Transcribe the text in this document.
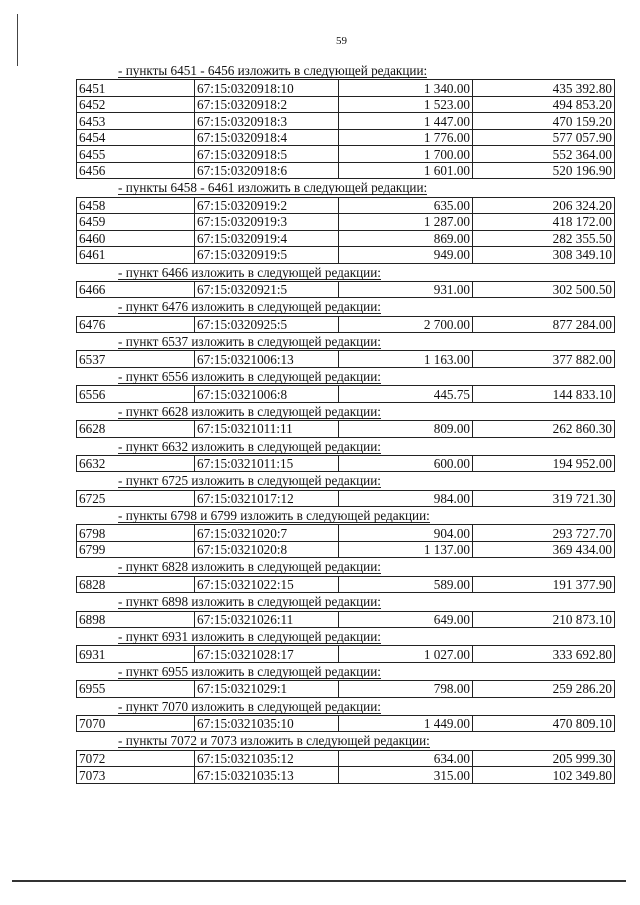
59
- пункты 6451 - 6456 изложить в следующей редакции:
6451	67:15:0320918:10	1 340.00	435 392.80
6452	67:15:0320918:2	1 523.00	494 853.20
6453	67:15:0320918:3	1 447.00	470 159.20
6454	67:15:0320918:4	1 776.00	577 057.90
6455	67:15:0320918:5	1 700.00	552 364.00
6456	67:15:0320918:6	1 601.00	520 196.90
- пункты 6458 - 6461 изложить в следующей редакции:
6458	67:15:0320919:2	635.00	206 324.20
6459	67:15:0320919:3	1 287.00	418 172.00
6460	67:15:0320919:4	869.00	282 355.50
6461	67:15:0320919:5	949.00	308 349.10
- пункт 6466 изложить в следующей редакции:
6466	67:15:0320921:5	931.00	302 500.50
- пункт 6476 изложить в следующей редакции:
6476	67:15:0320925:5	2 700.00	877 284.00
- пункт 6537 изложить в следующей редакции:
6537	67:15:0321006:13	1 163.00	377 882.00
- пункт 6556 изложить в следующей редакции:
6556	67:15:0321006:8	445.75	144 833.10
- пункт 6628 изложить в следующей редакции:
6628	67:15:0321011:11	809.00	262 860.30
- пункт 6632 изложить в следующей редакции:
6632	67:15:0321011:15	600.00	194 952.00
- пункт 6725 изложить в следующей редакции:
6725	67:15:0321017:12	984.00	319 721.30
- пункты 6798 и 6799 изложить в следующей редакции:
6798	67:15:0321020:7	904.00	293 727.70
6799	67:15:0321020:8	1 137.00	369 434.00
- пункт 6828 изложить в следующей редакции:
6828	67:15:0321022:15	589.00	191 377.90
- пункт 6898 изложить в следующей редакции:
6898	67:15:0321026:11	649.00	210 873.10
- пункт 6931 изложить в следующей редакции:
6931	67:15:0321028:17	1 027.00	333 692.80
- пункт 6955 изложить в следующей редакции:
6955	67:15:0321029:1	798.00	259 286.20
- пункт 7070 изложить в следующей редакции:
7070	67:15:0321035:10	1 449.00	470 809.10
- пункты 7072 и 7073 изложить в следующей редакции:
7072	67:15:0321035:12	634.00	205 999.30
7073	67:15:0321035:13	315.00	102 349.80
